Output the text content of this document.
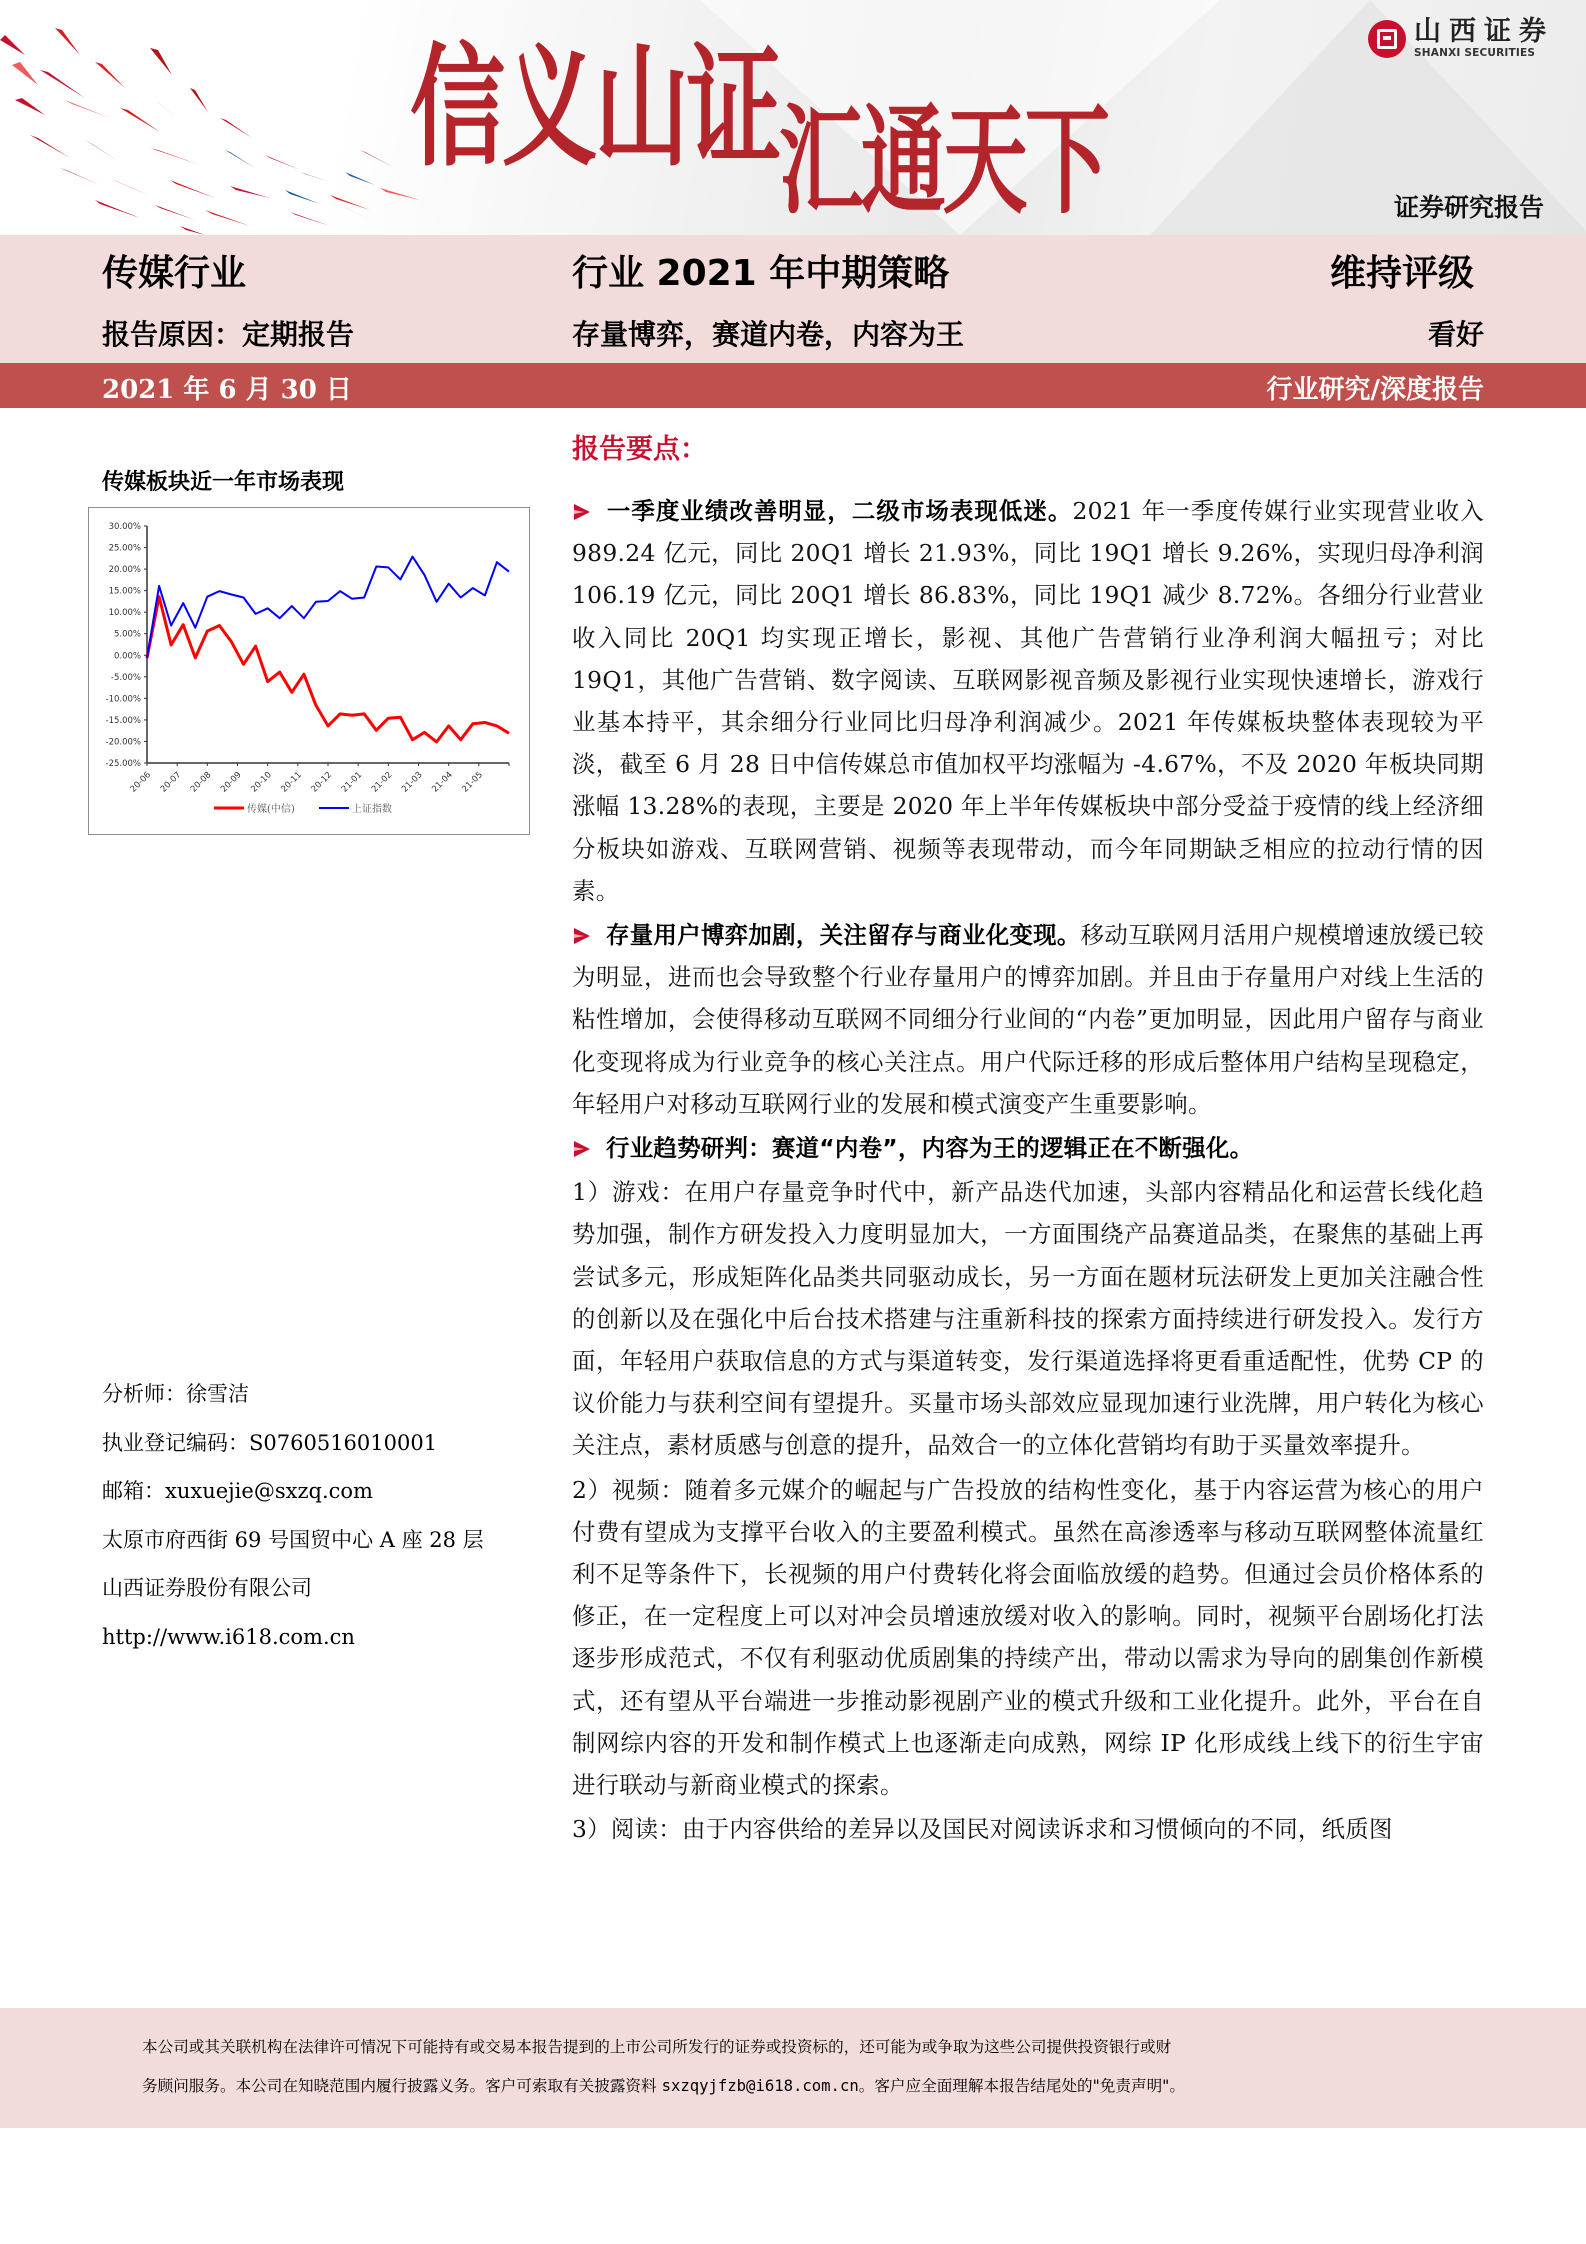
信义山证汇通天下
山西证券
SHANXI SECURITIES
证券研究报告
传媒行业	行业 2021 年中期策略	维持评级
报告原因：定期报告	存量博弈，赛道内卷，内容为王	看好
2021 年 6 月 30 日	行业研究/深度报告
传媒板块近一年市场表现
30.00%
25.00%
20.00%
15.00%
10.00%
5.00%
0.00%
-5.00%
-10.00%
-15.00%
-20.00%
-25.00%
20-06 20-07 20-08 20-09 20-10 20-11 20-12 21-01 21-02 21-03 21-04 21-05
传媒(中信)	上证指数
分析师：徐雪洁
执业登记编码：S0760516010001
邮箱：xuxuejie@sxzq.com
太原市府西街 69 号国贸中心 A 座 28 层
山西证券股份有限公司
http://www.i618.com.cn
报告要点：

一季度业绩改善明显，二级市场表现低迷。2021 年一季度传媒行业实现营业收入 989.24 亿元，同比 20Q1 增长 21.93%，同比 19Q1 增长 9.26%，实现归母净利润 106.19 亿元，同比 20Q1 增长 86.83%，同比 19Q1 减少 8.72%。各细分行业营业收入同比 20Q1 均实现正增长，影视、其他广告营销行业净利润大幅扭亏；对比 19Q1，其他广告营销、数字阅读、互联网影视音频及影视行业实现快速增长，游戏行业基本持平，其余细分行业同比归母净利润减少。2021 年传媒板块整体表现较为平淡，截至 6 月 28 日中信传媒总市值加权平均涨幅为 -4.67%，不及 2020 年板块同期涨幅 13.28%的表现，主要是 2020 年上半年传媒板块中部分受益于疫情的线上经济细分板块如游戏、互联网营销、视频等表现带动，而今年同期缺乏相应的拉动行情的因素。

存量用户博弈加剧，关注留存与商业化变现。移动互联网月活用户规模增速放缓已较为明显，进而也会导致整个行业存量用户的博弈加剧。并且由于存量用户对线上生活的粘性增加，会使得移动互联网不同细分行业间的“内卷”更加明显，因此用户留存与商业化变现将成为行业竞争的核心关注点。用户代际迁移的形成后整体用户结构呈现稳定，年轻用户对移动互联网行业的发展和模式演变产生重要影响。

行业趋势研判：赛道“内卷”，内容为王的逻辑正在不断强化。

1）游戏：在用户存量竞争时代中，新产品迭代加速，头部内容精品化和运营长线化趋势加强，制作方研发投入力度明显加大，一方面围绕产品赛道品类，在聚焦的基础上再尝试多元，形成矩阵化品类共同驱动成长，另一方面在题材玩法研发上更加关注融合性的创新以及在强化中后台技术搭建与注重新科技的探索方面持续进行研发投入。发行方面，年轻用户获取信息的方式与渠道转变，发行渠道选择将更看重适配性，优势 CP 的议价能力与获利空间有望提升。买量市场头部效应显现加速行业洗牌，用户转化为核心关注点，素材质感与创意的提升，品效合一的立体化营销均有助于买量效率提升。

2）视频：随着多元媒介的崛起与广告投放的结构性变化，基于内容运营为核心的用户付费有望成为支撑平台收入的主要盈利模式。虽然在高渗透率与移动互联网整体流量红利不足等条件下，长视频的用户付费转化将会面临放缓的趋势。但通过会员价格体系的修正，在一定程度上可以对冲会员增速放缓对收入的影响。同时，视频平台剧场化打法逐步形成范式，不仅有利驱动优质剧集的持续产出，带动以需求为导向的剧集创作新模式，还有望从平台端进一步推动影视剧产业的模式升级和工业化提升。此外，平台在自制网综内容的开发和制作模式上也逐渐走向成熟，网综 IP 化形成线上线下的衍生宇宙进行联动与新商业模式的探索。

3）阅读：由于内容供给的差异以及国民对阅读诉求和习惯倾向的不同，纸质图

本公司或其关联机构在法律许可情况下可能持有或交易本报告提到的上市公司所发行的证券或投资标的，还可能为或争取为这些公司提供投资银行或财
务顾问服务。本公司在知晓范围内履行披露义务。客户可索取有关披露资料 sxzqyjfzb@i618.com.cn。客户应全面理解本报告结尾处的"免责声明"。
